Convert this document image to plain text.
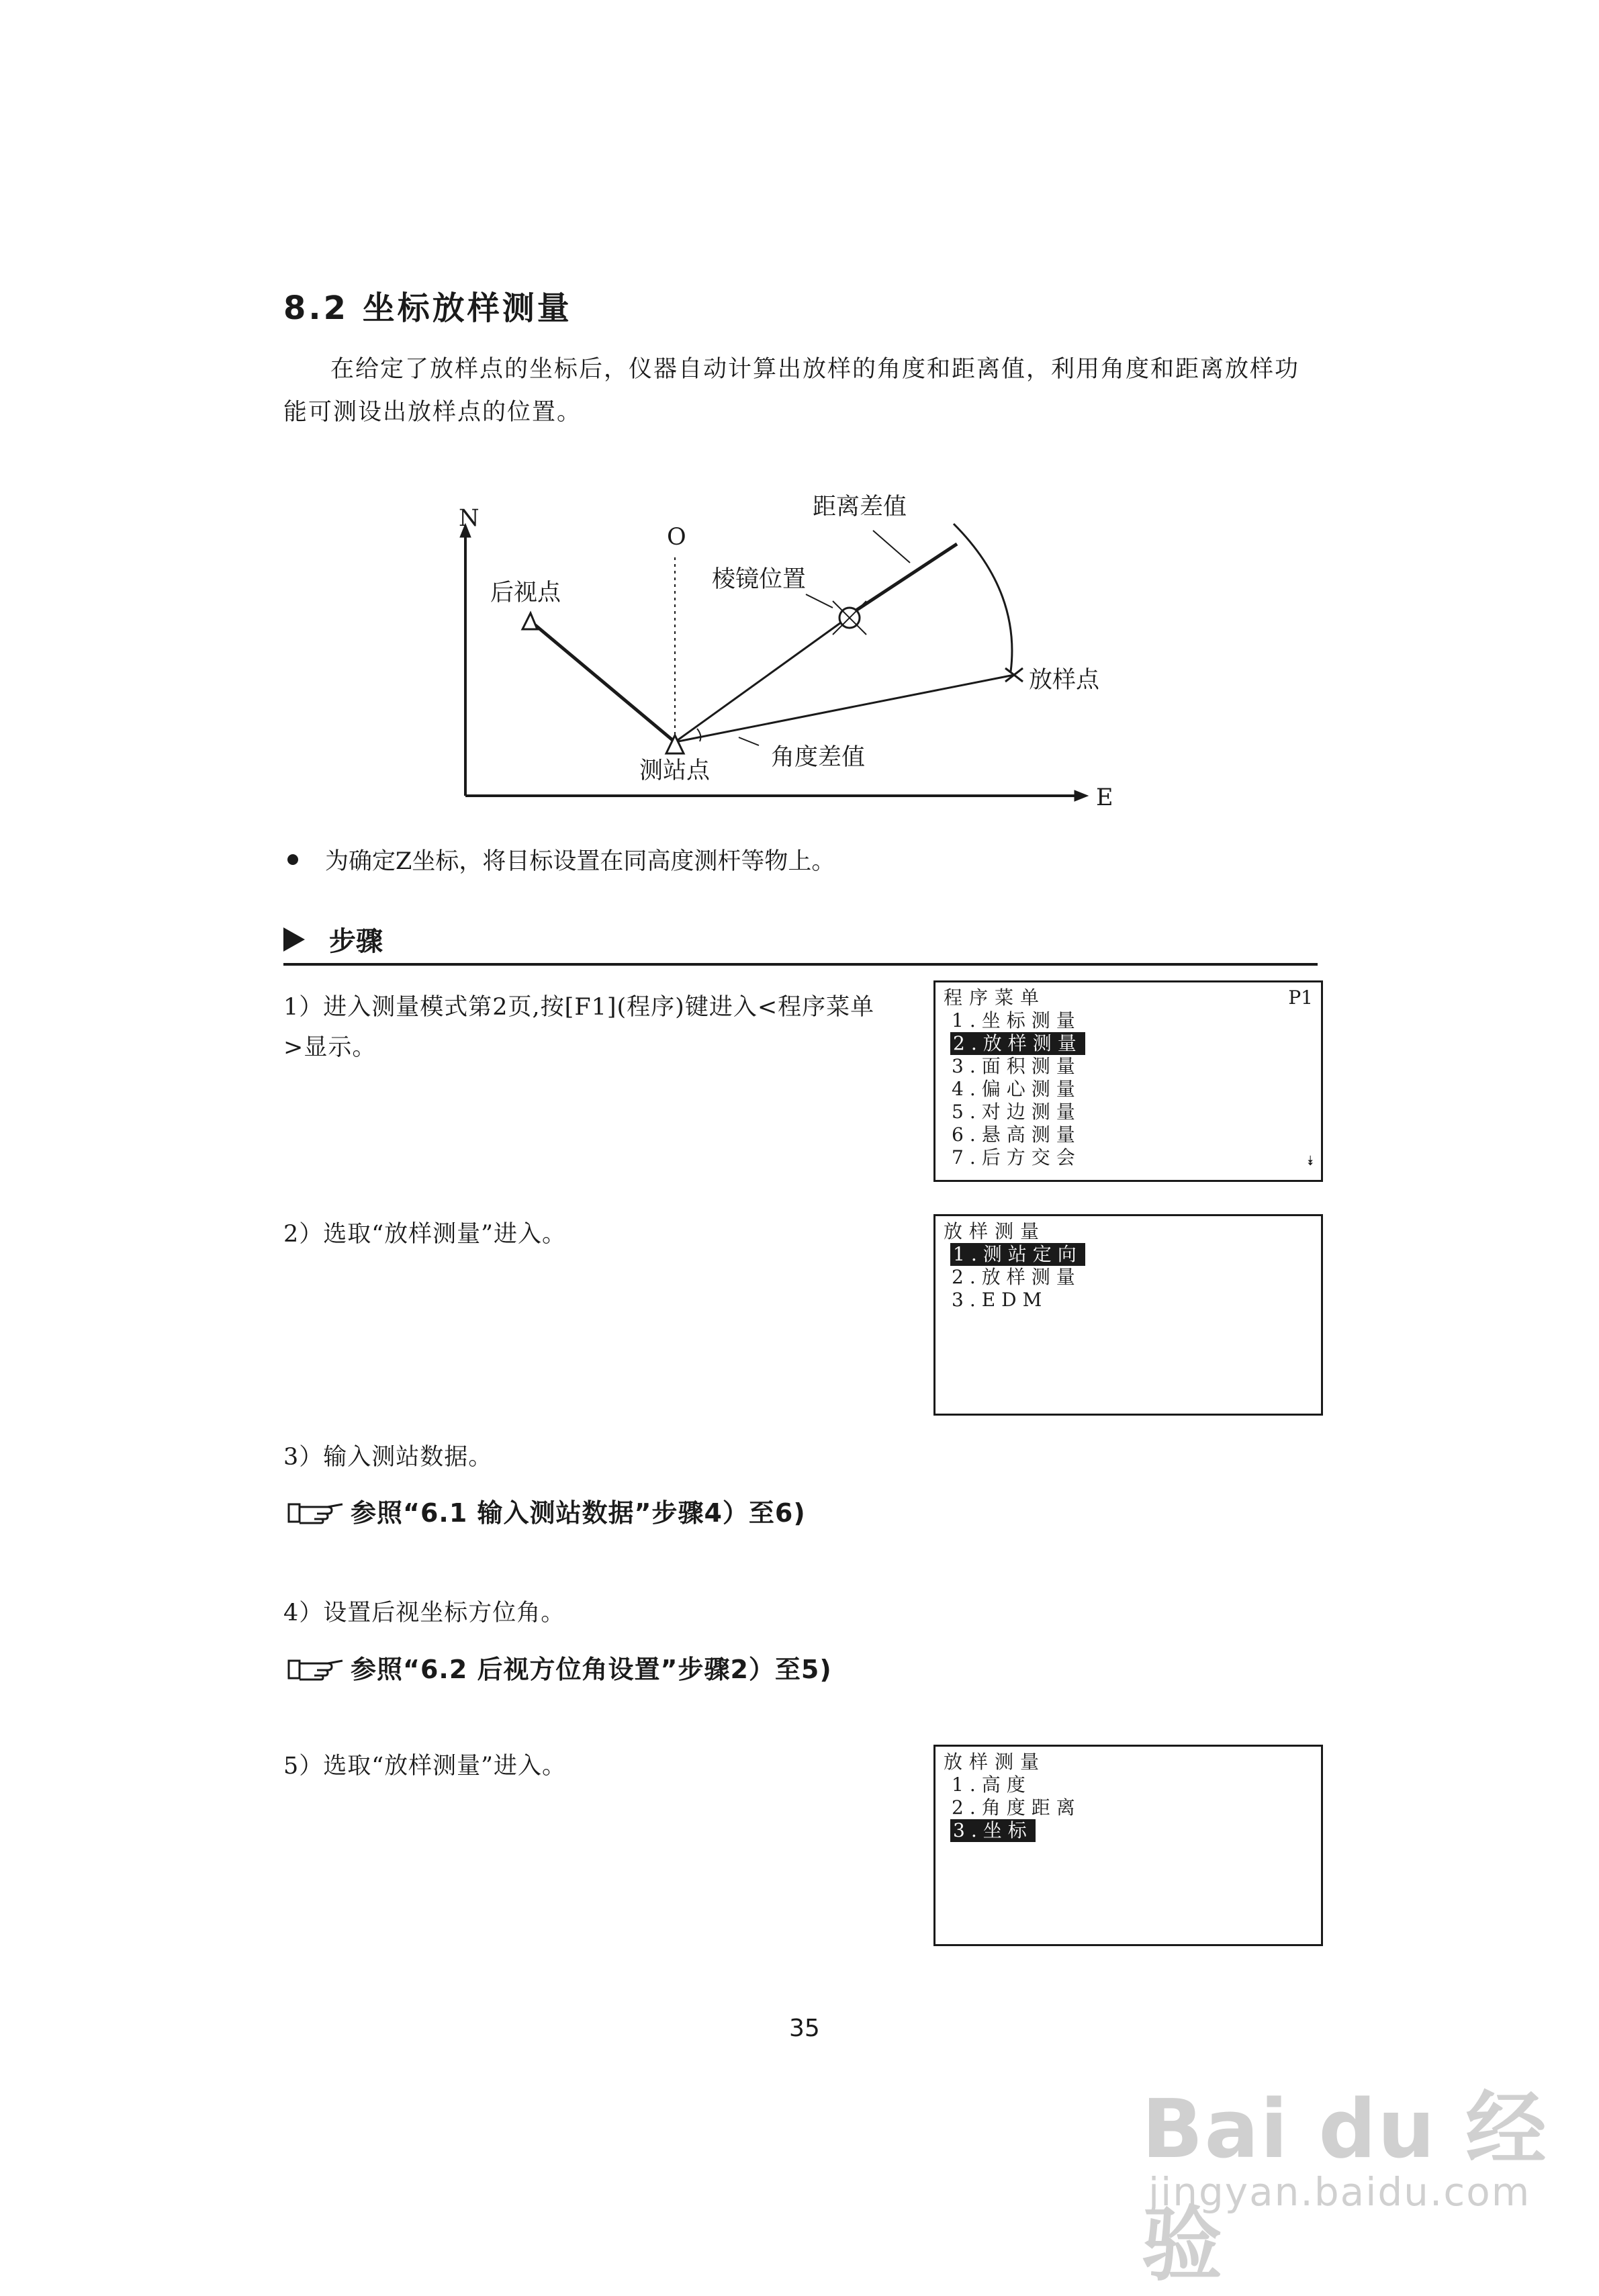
8.2 坐标放样测量
在给定了放样点的坐标后，仪器自动计算出放样的角度和距离值，利用角度和距离放样功能可测设出放样点的位置。
N
E
O
后视点
测站点
棱镜位置
距离差值
放样点
角度差值
为确定Z坐标，将目标设置在同高度测杆等物上。
步骤
1）进入测量模式第2页,按[F1](程序)键进入<程序菜单>显示。
2）选取“放样测量”进入。
3）输入测站数据。
参照“6.1 输入测站数据”步骤4）至6)
4）设置后视坐标方位角。
参照“6.2 后视方位角设置”步骤2）至5)
5）选取“放样测量”进入。
程序菜单	P1
1.坐标测量
2.放样测量
3.面积测量
4.偏心测量
5.对边测量
6.悬高测量
7.后方交会	⯯
放样测量
1.测站定向
2.放样测量
3.EDM
放样测量
1.高度
2.角度距离
3.坐标
35
Bai du 经验
jingyan.baidu.com
